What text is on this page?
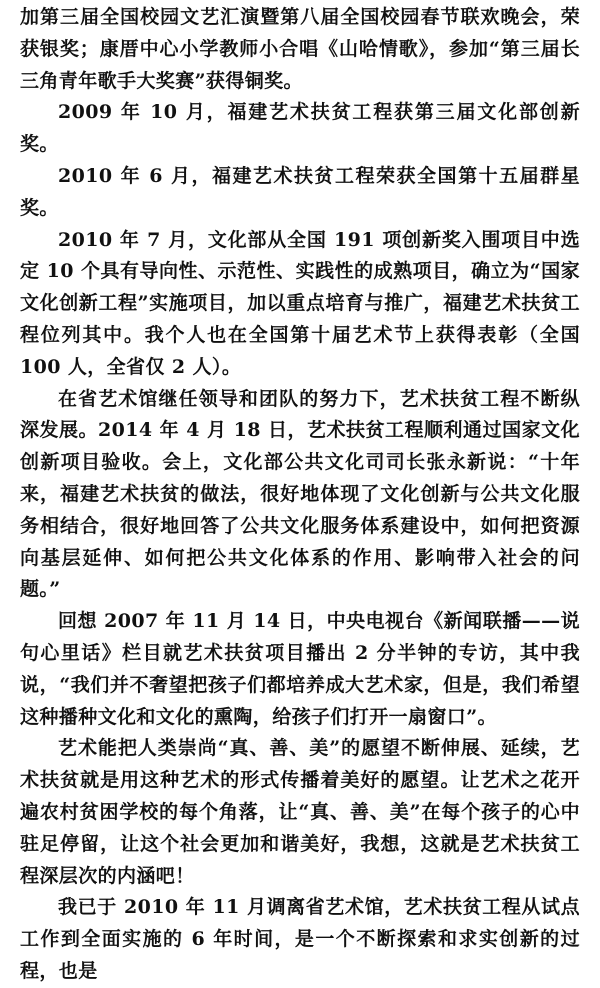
加第三届全国校园文艺汇演暨第八届全国校园春节联欢晚会，荣获银奖；康厝中心小学教师小合唱《山哈情歌》，参加“第三届长三角青年歌手大奖赛”获得铜奖。

2009 年 10 月，福建艺术扶贫工程获第三届文化部创新奖。

2010 年 6 月，福建艺术扶贫工程荣获全国第十五届群星奖。

2010 年 7 月，文化部从全国 191 项创新奖入围项目中选定 10 个具有导向性、示范性、实践性的成熟项目，确立为“国家文化创新工程”实施项目，加以重点培育与推广，福建艺术扶贫工程位列其中。我个人也在全国第十届艺术节上获得表彰（全国 100 人，全省仅 2 人）。

在省艺术馆继任领导和团队的努力下，艺术扶贫工程不断纵深发展。2014 年 4 月 18 日，艺术扶贫工程顺利通过国家文化创新项目验收。会上，文化部公共文化司司长张永新说：“十年来，福建艺术扶贫的做法，很好地体现了文化创新与公共文化服务相结合，很好地回答了公共文化服务体系建设中，如何把资源向基层延伸、如何把公共文化体系的作用、影响带入社会的问题。”

回想 2007 年 11 月 14 日，中央电视台《新闻联播——说句心里话》栏目就艺术扶贫项目播出 2 分半钟的专访，其中我说，“我们并不奢望把孩子们都培养成大艺术家，但是，我们希望这种播种文化和文化的熏陶，给孩子们打开一扇窗口”。

艺术能把人类崇尚“真、善、美”的愿望不断伸展、延续，艺术扶贫就是用这种艺术的形式传播着美好的愿望。让艺术之花开遍农村贫困学校的每个角落，让“真、善、美”在每个孩子的心中驻足停留，让这个社会更加和谐美好，我想，这就是艺术扶贫工程深层次的内涵吧！

我已于 2010 年 11 月调离省艺术馆，艺术扶贫工程从试点工作到全面实施的 6 年时间，是一个不断探索和求实创新的过程，也是
